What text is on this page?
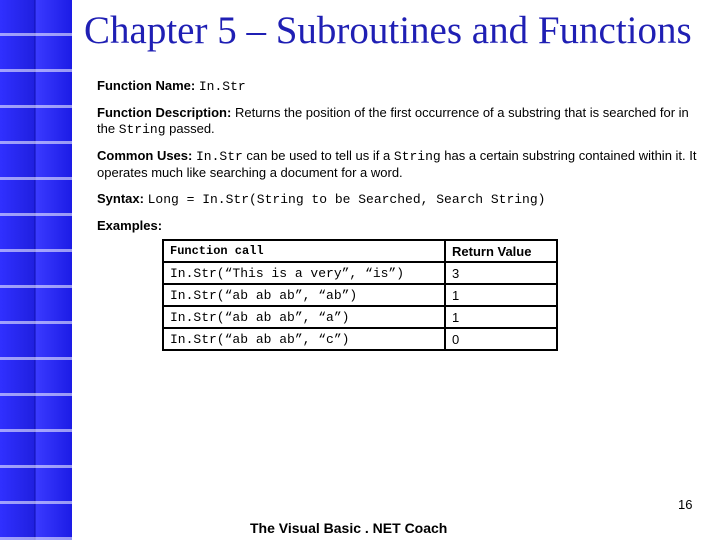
Chapter 5 – Subroutines and Functions

Function Name: In.Str

Function Description: Returns the position of the first occurrence of a substring that is searched for in the String passed.

Common Uses: In.Str can be used to tell us if a String has a certain substring contained within it. It operates much like searching a document for a word.

Syntax: Long = In.Str(String to be Searched, Search String)

Examples:

Function call	Return Value
In.Str(“This is a very”, “is”)	3
In.Str(“ab ab ab”, “ab”)	1
In.Str(“ab ab ab”, “a”)	1
In.Str(“ab ab ab”, “c”)	0
16
The Visual Basic . NET Coach
